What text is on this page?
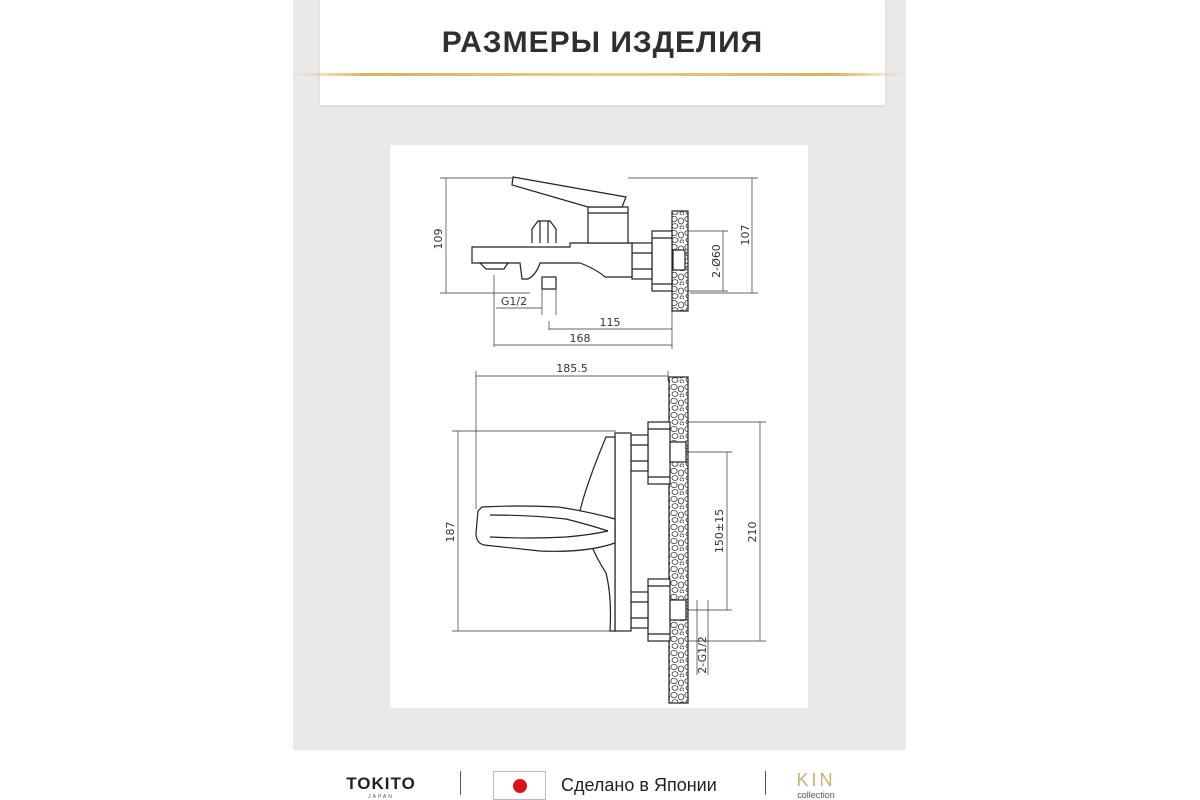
РАЗМЕРЫ ИЗДЕЛИЯ
109	107
2-Ø60
G1/2
115
168
185.5
187	210
150±15
2-G1/2
TOKITO
JAPAN
Сделано в Японии	KIN
collection
